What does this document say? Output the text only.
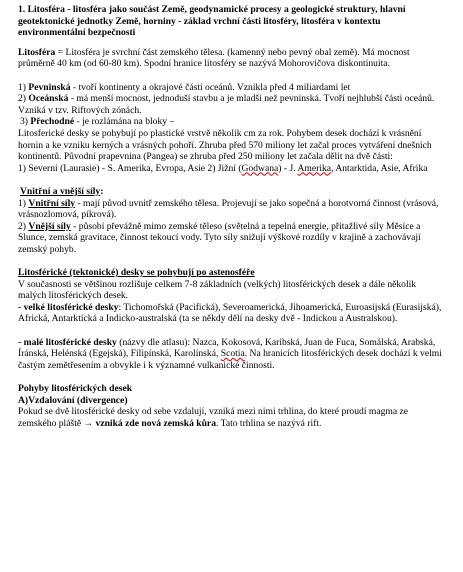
1. Litosféra - litosféra jako součást Země, geodynamické procesy a geologické struktury, hlavní geotektonické jednotky Země, horniny - základ vrchní části litosféry, litosféra v kontextu environmentální bezpečnosti

Litosféra = Litosféra je svrchní část zemského tělesa. (kamenný nebo pevný obal země). Má mocnost průměrně 40 km (od 60-80 km). Spodní hranice litosféry se nazývá Mohorovičova diskontinuita.

1) Pevninská - tvoří kontinenty a okrajové části oceánů. Vznikla před 4 miliardami let

2) Oceánská - má menší mocnost, jednoduší stavbu a je mladší než pevninská. Tvoří nejhlubší části oceánů. Vzniká v tzv. Riftových zónách.

3) Přechodné - je rozlámána na bloky –

Litosferické desky se pohybují po plastické vrstvě několik cm za rok. Pohybem desek dochází k vrásnění hornin a ke vzniku kerných a vrásných pohoří. Zhruba před 570 miliony let začal proces vytváření dnešních kontinentů. Původní prapevnina (Pangea) se zhruba před 250 miliony let začala dělit na dvě části:

1) Severní (Laurasie) - S. Amerika, Evropa, Asie 2) Jižní (Godwana) - J. Amerika, Antarktida, Asie, Afrika

Vnitřní a vnější síly:

1) Vnitřní síly - mají původ uvnitř zemského tělesa. Projevují se jako sopečná a horotvorná činnost (vrásová, vrásnozlomová, píkrová).

2) Vnější síly - působí převážně mimo zemské těleso (světelná a tepelná energie, přitažlivé síly Měsíce a Slunce, zemská gravitace, činnost tekoucí vody. Tyto síly snižují výškové rozdíly v krajině a zachovávají zemský pohyb.

Litosférické (tektonické) desky se pohybují po astenosféře

V současnosti se většinou rozlišuje celkem 7-8 základních (velkých) litosférických desek a dále několik malých litosférických desek.

- velké litosférické desky: Tichomořská (Pacifická), Severoamerická, Jihoamerická, Euroasijská (Eurasijská), Africká, Antarktická a Indicko-australská (ta se někdy dělí na desky dvě - Indickou a Australskou).

- malé litosférické desky (názvy dle atlasu): Nazca, Kokosová, Karibská, Juan de Fuca, Somálská, Arabská, Íránská, Helénská (Egejská), Filipínská, Karolínská, Scotia. Na hranicích litosférických desek dochází k velmi častým zemětřesením a obvykle i k významné vulkanické činnosti.

Pohyby litosférických desek

A)Vzdalování (divergence)

Pokud se dvě litosférické desky od sebe vzdalují, vzniká mezi nimi trhlina, do které proudí magma ze zemského pláště → vzniká zde nová zemská kůra. Tato trhlina se nazývá rift.
